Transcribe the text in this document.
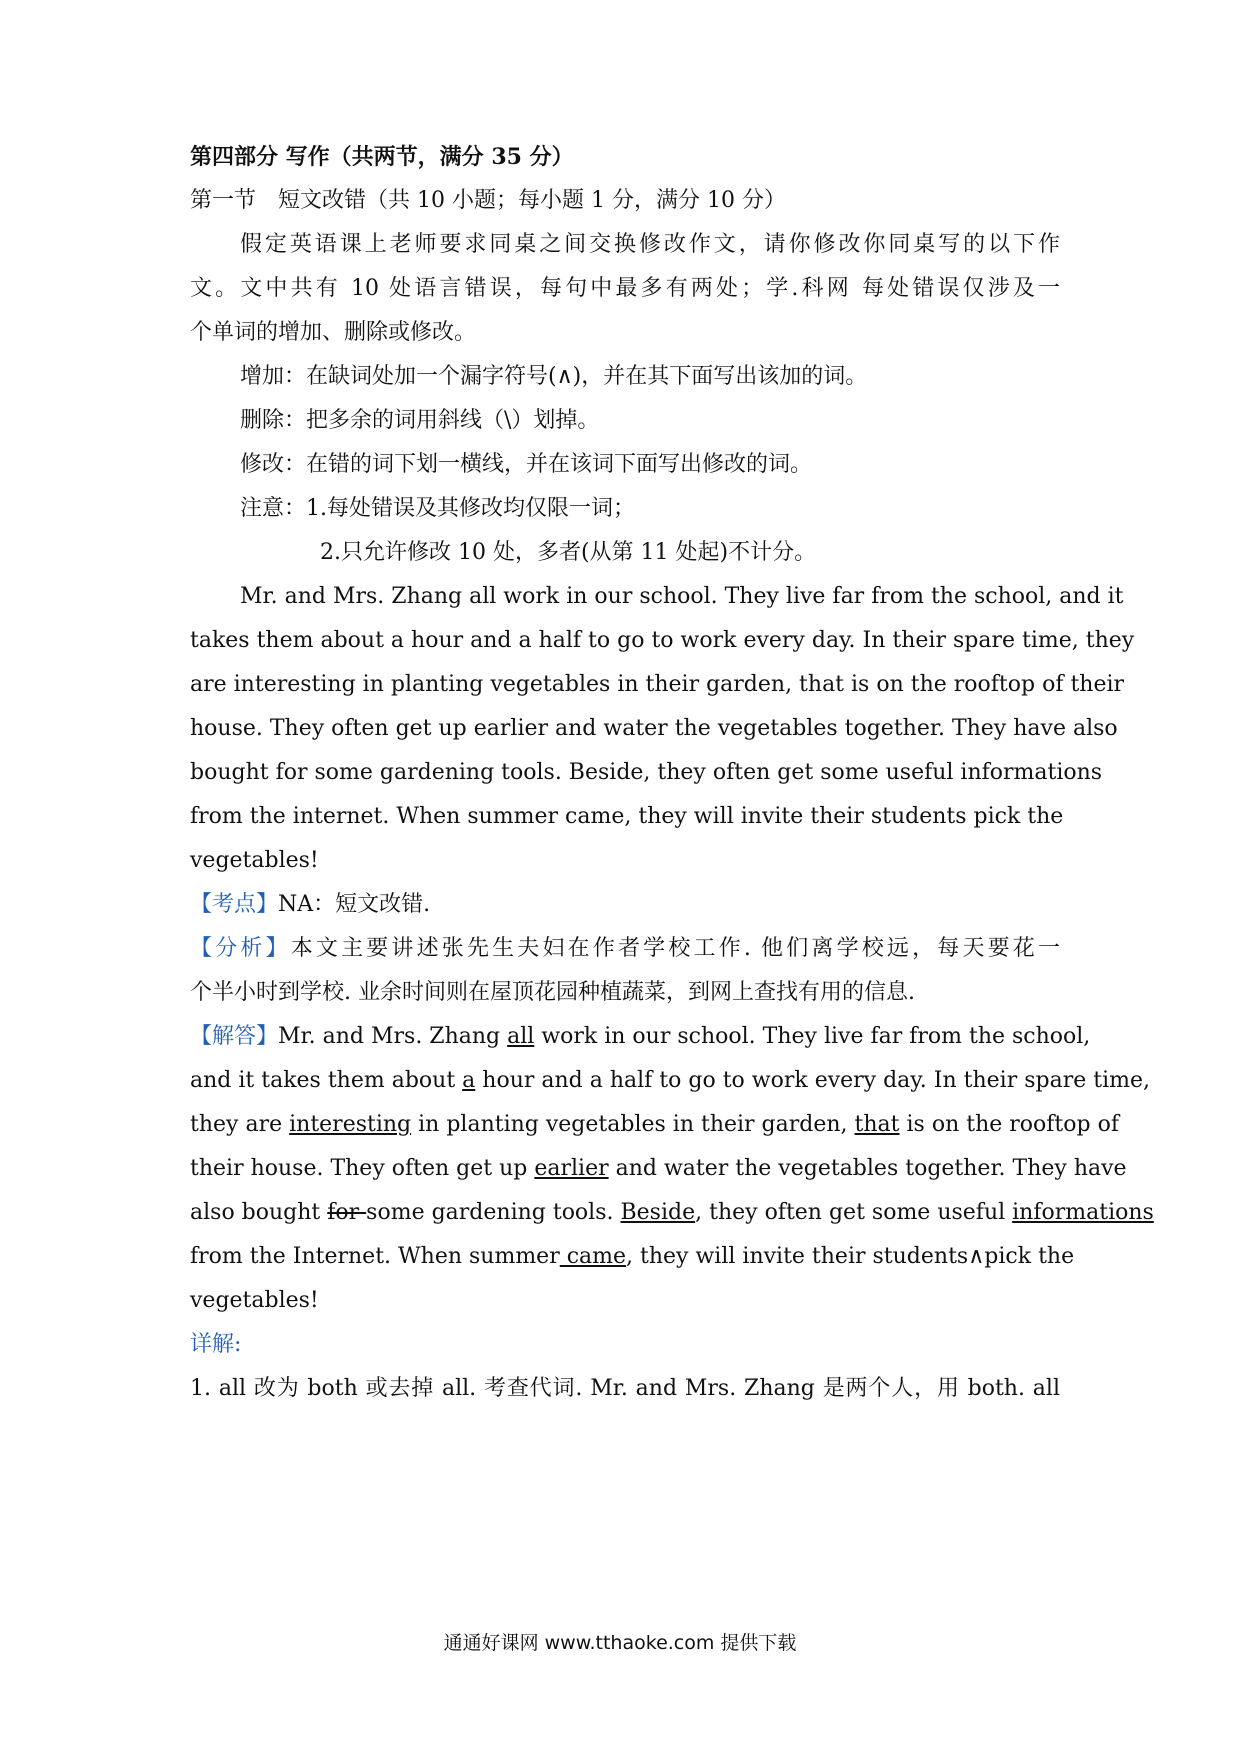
第四部分 写作（共两节，满分 35 分）
第一节　短文改错（共 10 小题；每小题 1 分，满分 10 分）
假定英语课上老师要求同桌之间交换修改作文，请你修改你同桌写的以下作
文。文中共有 10 处语言错误，每句中最多有两处；学.科网 每处错误仅涉及一
个单词的增加、删除或修改。
增加：在缺词处加一个漏字符号(∧)，并在其下面写出该加的词。
删除：把多余的词用斜线（\）划掉。
修改：在错的词下划一横线，并在该词下面写出修改的词。
注意：1.每处错误及其修改均仅限一词；
2.只允许修改 10 处，多者(从第 11 处起)不计分。
Mr. and Mrs. Zhang all work in our school. They live far from the school, and it
takes them about a hour and a half to go to work every day. In their spare time, they
are interesting in planting vegetables in their garden, that is on the rooftop of their
house. They often get up earlier and water the vegetables together. They have also
bought for some gardening tools. Beside, they often get some useful informations
from the internet. When summer came, they will invite their students pick the
vegetables!
【考点】NA：短文改错.
【分析】本文主要讲述张先生夫妇在作者学校工作. 他们离学校远，每天要花一
个半小时到学校. 业余时间则在屋顶花园种植蔬菜，到网上查找有用的信息.
【解答】Mr. and Mrs. Zhang all work in our school. They live far from the school,
and it takes them about a hour and a half to go to work every day. In their spare time,
they are interesting in planting vegetables in their garden, that is on the rooftop of
their house. They often get up earlier and water the vegetables together. They have
also bought for some gardening tools. Beside, they often get some useful informations
from the Internet. When summer came, they will invite their students∧pick the
vegetables!
详解:
1. all 改为 both 或去掉 all. 考查代词. Mr. and Mrs. Zhang 是两个人，用 both. all
通通好课网 www.tthaoke.com 提供下载
